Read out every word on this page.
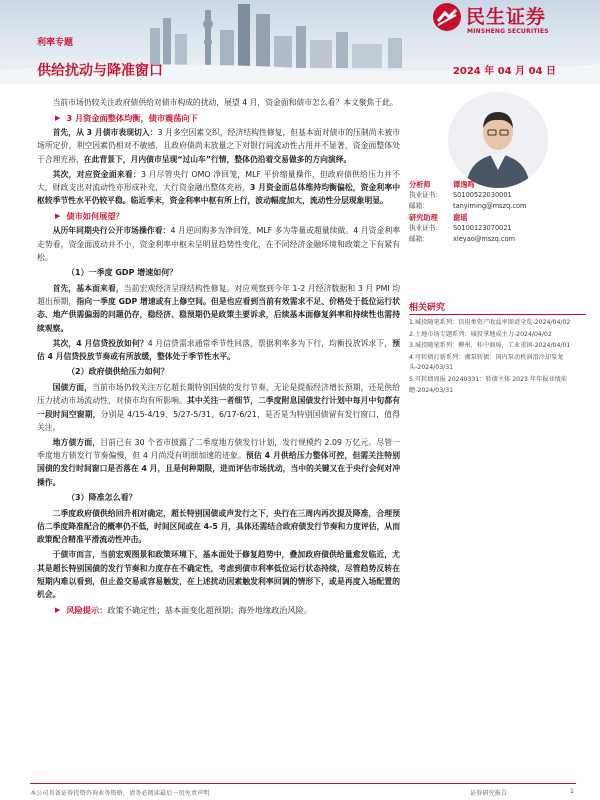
利率专题
供给扰动与降准窗口	2024 年 04 月 04 日
民生证券
MINSHENG SECURITIES

当前市场仍较关注政府债供给对债市构成的扰动，展望 4 月，资金面和债市怎么看？本文聚焦于此。

▶ 3 月资金面整体均衡，债市震荡向下

首先，从 3 月债市表现切入：3 月多空因素交织，经济结构性修复，但基本面对债市的压制尚未被市场所定价，利空因素仍相对不敏感，且政府债尚未放量之下对银行间流动性占用并不显著，资金面整体处于合理充裕，在此背景下，月内债市呈现“过山车”行情，整体仍沿着交易做多的方向演绎。

其次，对应资金面来看：3 月尽管央行 OMO 净回笼，MLF 平价缩量操作，但政府债供给压力并不大，财政支出对流动性亦形成补充，大行资金融出整体充裕，3 月资金面总体维持均衡偏松，资金利率中枢较季节性水平仍较平稳。临近季末，资金利率中枢有所上行，波动幅度加大，流动性分层现象明显。

▶ 债市如何展望？

从历年同期央行公开市场操作看：4 月逆回购多为净回笼，MLF 多为等量或超量续做。4 月资金利率走势看，资金面波动并不小，资金利率中枢未呈明显趋势性变化，在不同经济金融环境和政策之下有紧有松。

（1）一季度 GDP 增速如何？

首先，基本面来看，当前宏观经济呈现结构性修复。对应观察到今年 1-2 月经济数据和 3 月 PMI 均超出预期，指向一季度 GDP 增速或有上修空间。但是也应看到当前有效需求不足、价格处于低位运行状态、地产供需偏弱的问题仍存，稳经济、稳预期仍是政策主要诉求，后续基本面修复斜率和持续性也需持续观察。

其次，4 月信贷投放如何？4 月信贷需求通常季节性回落，票据利率多为下行，均衡投放诉求下，预估 4 月信贷投放节奏或有所放缓，整体处于季节性水平。

（2）政府债供给压力如何？

国债方面，当前市场仍较关注万亿超长期特别国债的发行节奏，无论是提振经济增长预期，还是供给压力扰动市场流动性，对债市均有所影响。其中关注一者细节，二季度附息国债发行计划中每月中旬都有一段时间空窗期，分别是 4/15-4/19、5/27-5/31、6/17-6/21，是否是为特别国债留有发行窗口，值得关注。

地方债方面，目前已有 30 个省市披露了二季度地方债发行计划，发行规模约 2.09 万亿元。尽管一季度地方债发行节奏偏慢，但 4 月尚没有明细加速的迹象。预估 4 月供给压力整体可控，但需关注特别国债的发行时间窗口是否落在 4 月，且是何种期限，进而评估市场扰动，当中的关键又在于央行会何对冲操作。

（3）降准怎么看？

二季度政府债供给回升相对确定，超长特别国债或声发行之下，央行在三周内再次提及降准，合理预估二季度降准配合的概率仍不低，时间区间或在 4-5 月，具体还需结合政府债发行节奏和力度评估，从而政策配合精准平滑流动性冲击。

于债市而言，当前宏观图景和政策环境下，基本面处于修复趋势中，叠加政府债供给量愈发临近，尤其是超长特别国债的发行节奏和力度存在不确定性，考虑到债市利率低位运行状态持续，尽管趋势反转在短期内难以看到，但止盈交易或容易触发，在上述扰动因素触发利率回调的情形下，或是再度入场配置的机会。

▶ 风险提示： 政策不确定性；基本面变化超预期；海外地缘政治风险。
分析师	谭逸鸣
执业证书：	S0100522030001
邮箱：	tanyiming@mszq.com
研究助理	谢瑶
执业证书：	S0100123070021
邮箱：	xieyao@mszq.com
相关研究
1.城投随笔系列：信用类资产收益率图谱全览-2024/04/02
2.土地市场专题系列：城投拿地成主力-2024/04/02
3.城投随笔系列：柳州，桂中商埠，工业重镇-2024/04/01
4.可转债打新系列：湘泵转债：国内泵动机润滑冷却泵龙头-2024/03/31
5.可转债周报 20240331：转债主体 2023 年年报业绩前瞻-2024/03/31
本公司具备证券投资咨询业务资格，请务必阅读最后一页免责声明	证券研究报告	1
